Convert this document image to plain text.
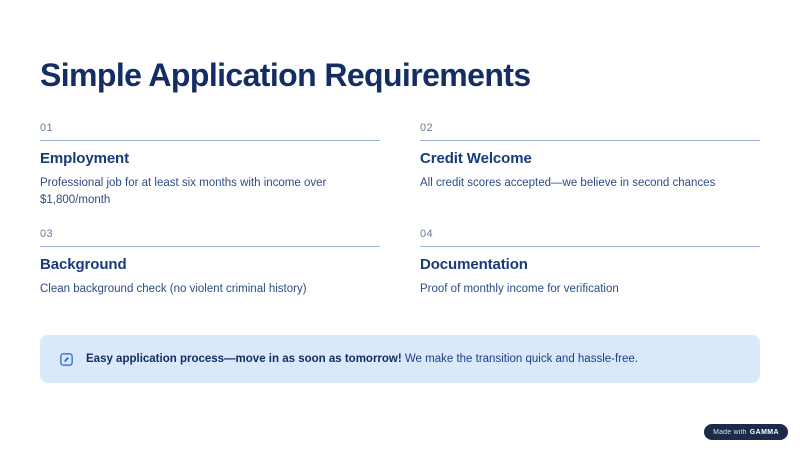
Simple Application Requirements
01
Employment
Professional job for at least six months with income over $1,800/month
02
Credit Welcome
All credit scores accepted—we believe in second chances
03
Background
Clean background check (no violent criminal history)
04
Documentation
Proof of monthly income for verification
Easy application process—move in as soon as tomorrow! We make the transition quick and hassle-free.
Made with GAMMA
